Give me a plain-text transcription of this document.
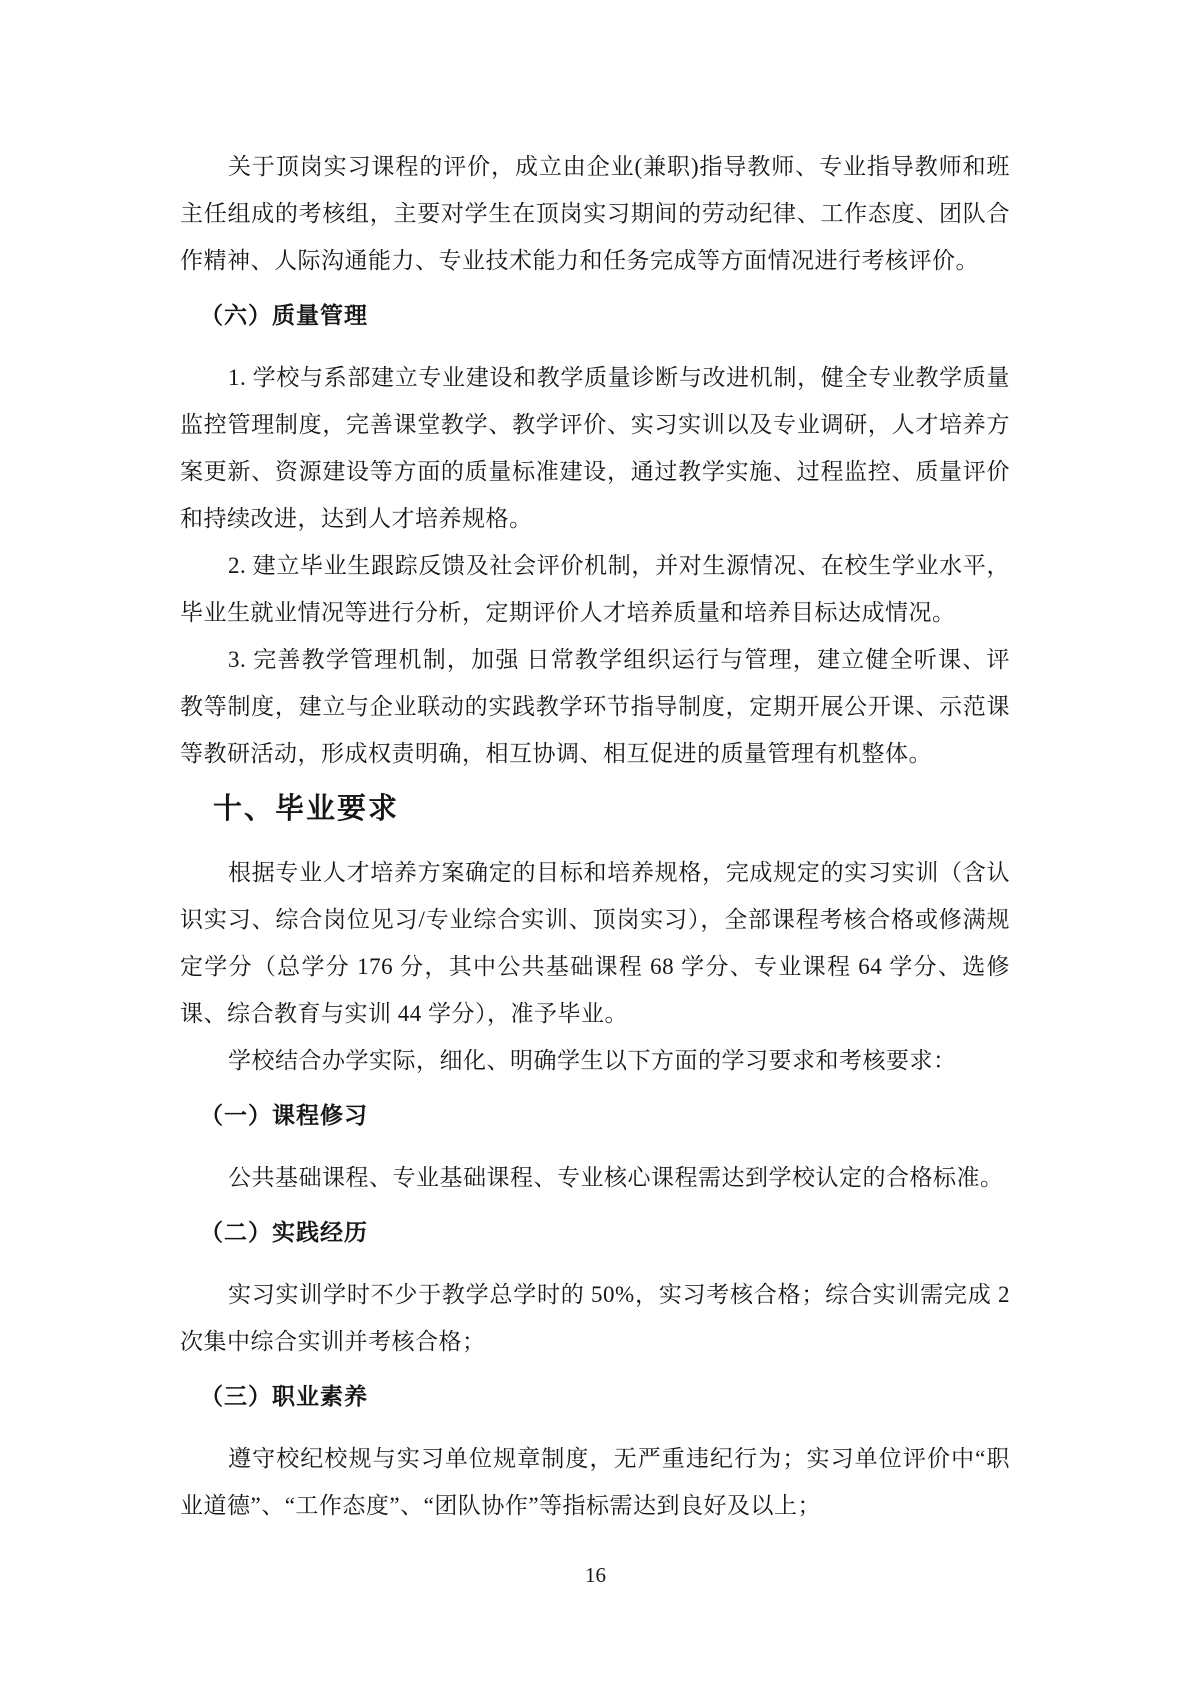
关于顶岗实习课程的评价，成立由企业(兼职)指导教师、专业指导教师和班主任组成的考核组，主要对学生在顶岗实习期间的劳动纪律、工作态度、团队合作精神、人际沟通能力、专业技术能力和任务完成等方面情况进行考核评价。

（六）质量管理

1. 学校与系部建立专业建设和教学质量诊断与改进机制，健全专业教学质量监控管理制度，完善课堂教学、教学评价、实习实训以及专业调研，人才培养方案更新、资源建设等方面的质量标准建设，通过教学实施、过程监控、质量评价和持续改进，达到人才培养规格。

2. 建立毕业生跟踪反馈及社会评价机制，并对生源情况、在校生学业水平，毕业生就业情况等进行分析，定期评价人才培养质量和培养目标达成情况。

3. 完善教学管理机制，加强 日常教学组织运行与管理，建立健全听课、评教等制度，建立与企业联动的实践教学环节指导制度，定期开展公开课、示范课等教研活动，形成权责明确，相互协调、相互促进的质量管理有机整体。

十、毕业要求

根据专业人才培养方案确定的目标和培养规格，完成规定的实习实训（含认识实习、综合岗位见习/专业综合实训、顶岗实习），全部课程考核合格或修满规定学分（总学分 176 分，其中公共基础课程 68 学分、专业课程 64 学分、选修课、综合教育与实训 44 学分），准予毕业。

学校结合办学实际，细化、明确学生以下方面的学习要求和考核要求：

（一）课程修习

公共基础课程、专业基础课程、专业核心课程需达到学校认定的合格标准。

（二）实践经历

实习实训学时不少于教学总学时的 50%，实习考核合格；综合实训需完成 2次集中综合实训并考核合格；

（三）职业素养

遵守校纪校规与实习单位规章制度，无严重违纪行为；实习单位评价中“职业道德”、“工作态度”、“团队协作”等指标需达到良好及以上；

16
